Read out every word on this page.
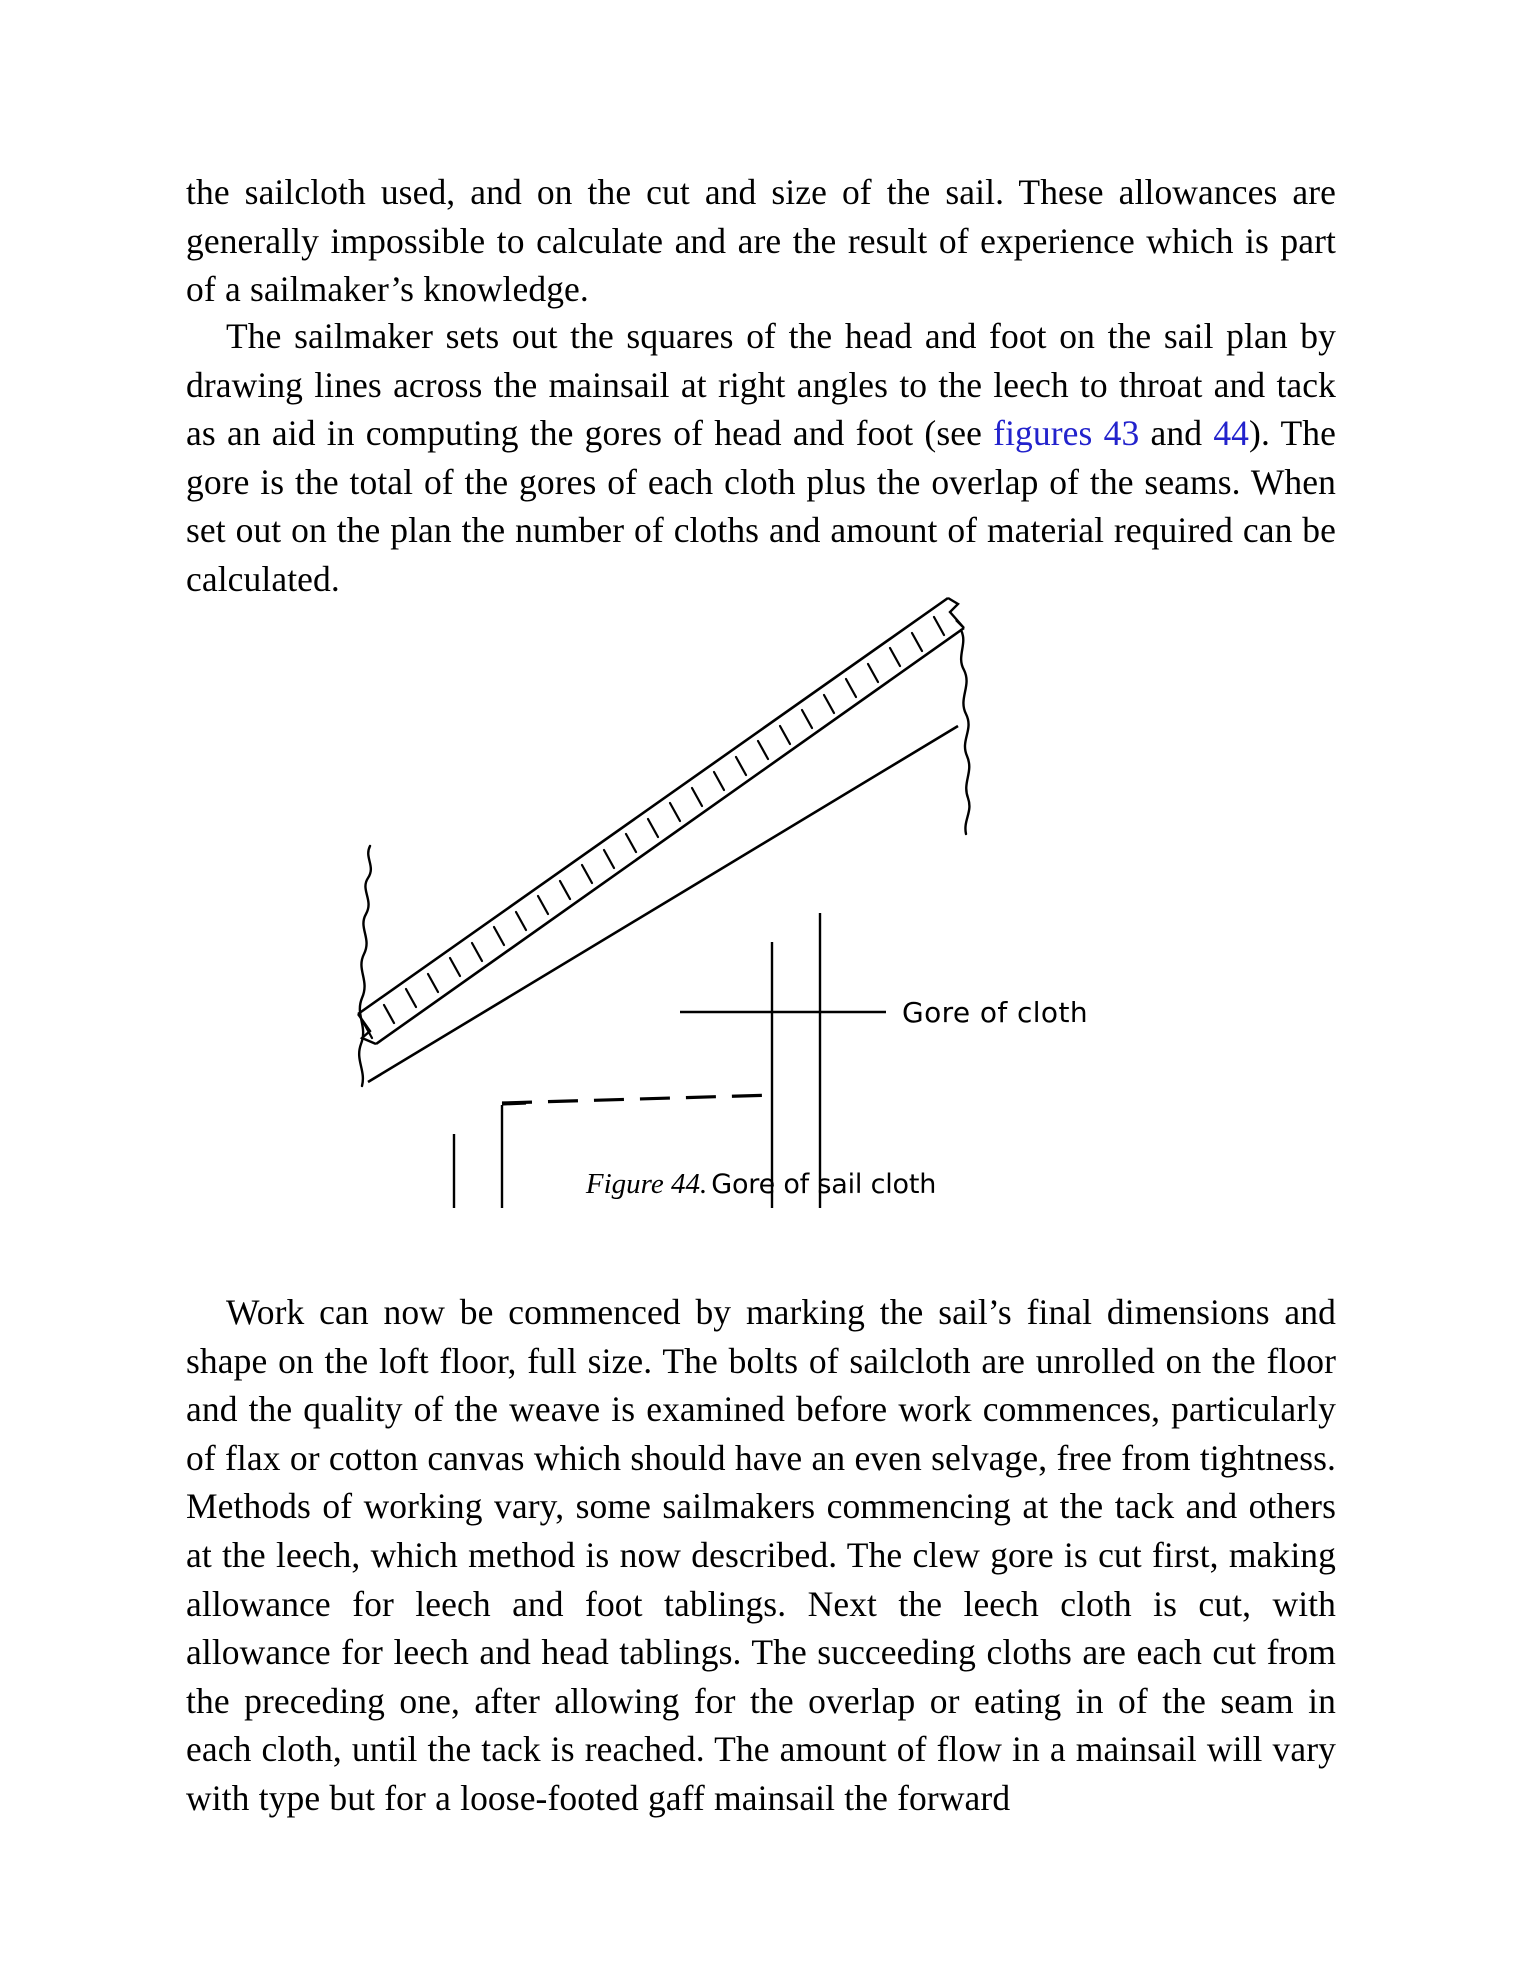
the sailcloth used, and on the cut and size of the sail. These allowances are generally impossible to calculate and are the result of experience which is part of a sailmaker’s knowledge.

The sailmaker sets out the squares of the head and foot on the sail plan by drawing lines across the mainsail at right angles to the leech to throat and tack as an aid in computing the gores of head and foot (see figures 43 and 44). The gore is the total of the gores of each cloth plus the overlap of the seams. When set out on the plan the number of cloths and amount of material required can be calculated.

Gore of cloth
Figure 44. Gore of sail cloth

Work can now be commenced by marking the sail’s final dimensions and shape on the loft floor, full size. The bolts of sailcloth are unrolled on the floor and the quality of the weave is examined before work commences, particularly of flax or cotton canvas which should have an even selvage, free from tightness. Methods of working vary, some sailmakers commencing at the tack and others at the leech, which method is now described. The clew gore is cut first, making allowance for leech and foot tablings. Next the leech cloth is cut, with allowance for leech and head tablings. The succeeding cloths are each cut from the preceding one, after allowing for the overlap or eating in of the seam in each cloth, until the tack is reached. The amount of flow in a mainsail will vary with type but for a loose-footed gaff mainsail the forward
